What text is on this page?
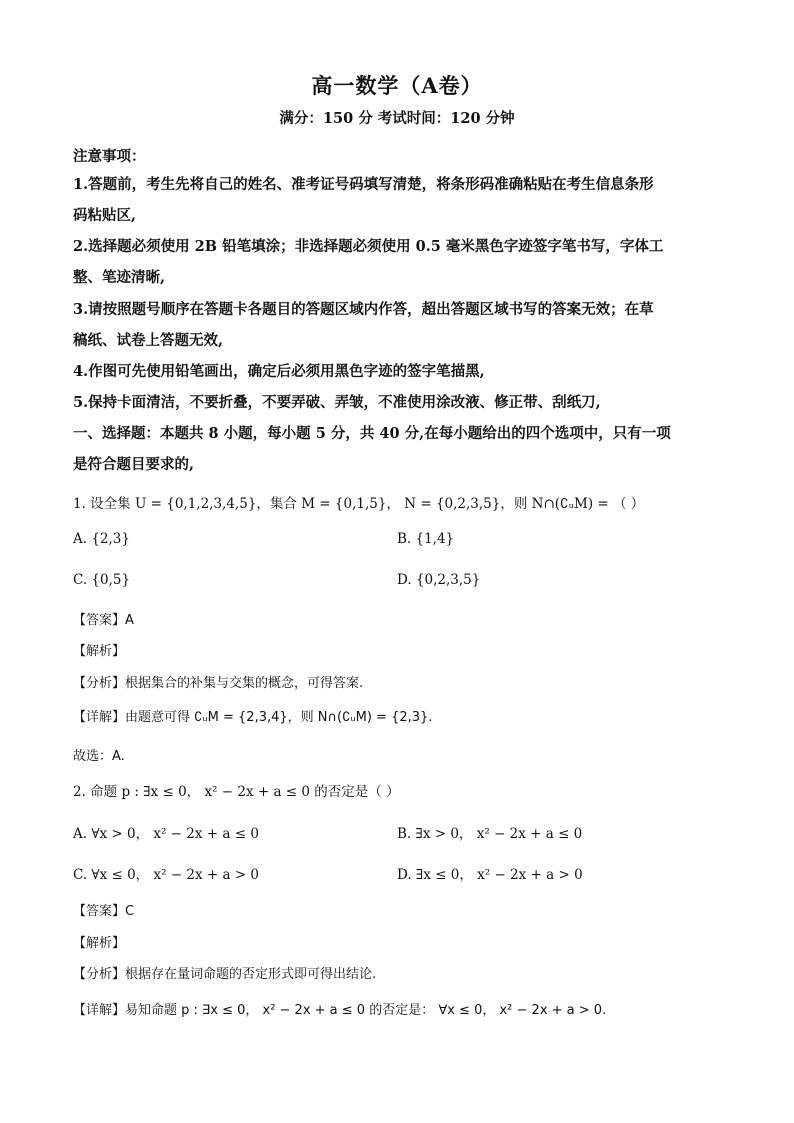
高一数学（A卷）
满分：150 分 考试时间：120 分钟
注意事项：
1.答题前，考生先将自己的姓名、准考证号码填写清楚，将条形码准确粘贴在考生信息条形
码粘贴区,
2.选择题必须使用 2B 铅笔填涂；非选择题必须使用 0.5 毫米黑色字迹签字笔书写，字体工
整、笔迹清晰,
3.请按照题号顺序在答题卡各题目的答题区域内作答，超出答题区域书写的答案无效；在草
稿纸、试卷上答题无效,
4.作图可先使用铅笔画出，确定后必须用黑色字迹的签字笔描黑,
5.保持卡面清洁，不要折叠，不要弄破、弄皱，不准使用涂改液、修正带、刮纸刀,
一、选择题：本题共 8 小题，每小题 5 分，共 40 分,在每小题给出的四个选项中，只有一项
是符合题目要求的,
1. 设全集 U = {0,1,2,3,4,5}，集合 M = {0,1,5}， N = {0,2,3,5}，则 N∩(∁ᵤM) = （ ）
A. {2,3}	B. {1,4}
C. {0,5}	D. {0,2,3,5}
【答案】A
【解析】
【分析】根据集合的补集与交集的概念，可得答案.
【详解】由题意可得 ∁ᵤM = {2,3,4}，则 N∩(∁ᵤM) = {2,3}.
故选：A.
2. 命题 p : ∃x ≤ 0， x² − 2x + a ≤ 0 的否定是（ ）
A. ∀x > 0， x² − 2x + a ≤ 0	B. ∃x > 0， x² − 2x + a ≤ 0
C. ∀x ≤ 0， x² − 2x + a > 0	D. ∃x ≤ 0， x² − 2x + a > 0
【答案】C
【解析】
【分析】根据存在量词命题的否定形式即可得出结论.
【详解】易知命题 p : ∃x ≤ 0， x² − 2x + a ≤ 0 的否定是： ∀x ≤ 0， x² − 2x + a > 0.
